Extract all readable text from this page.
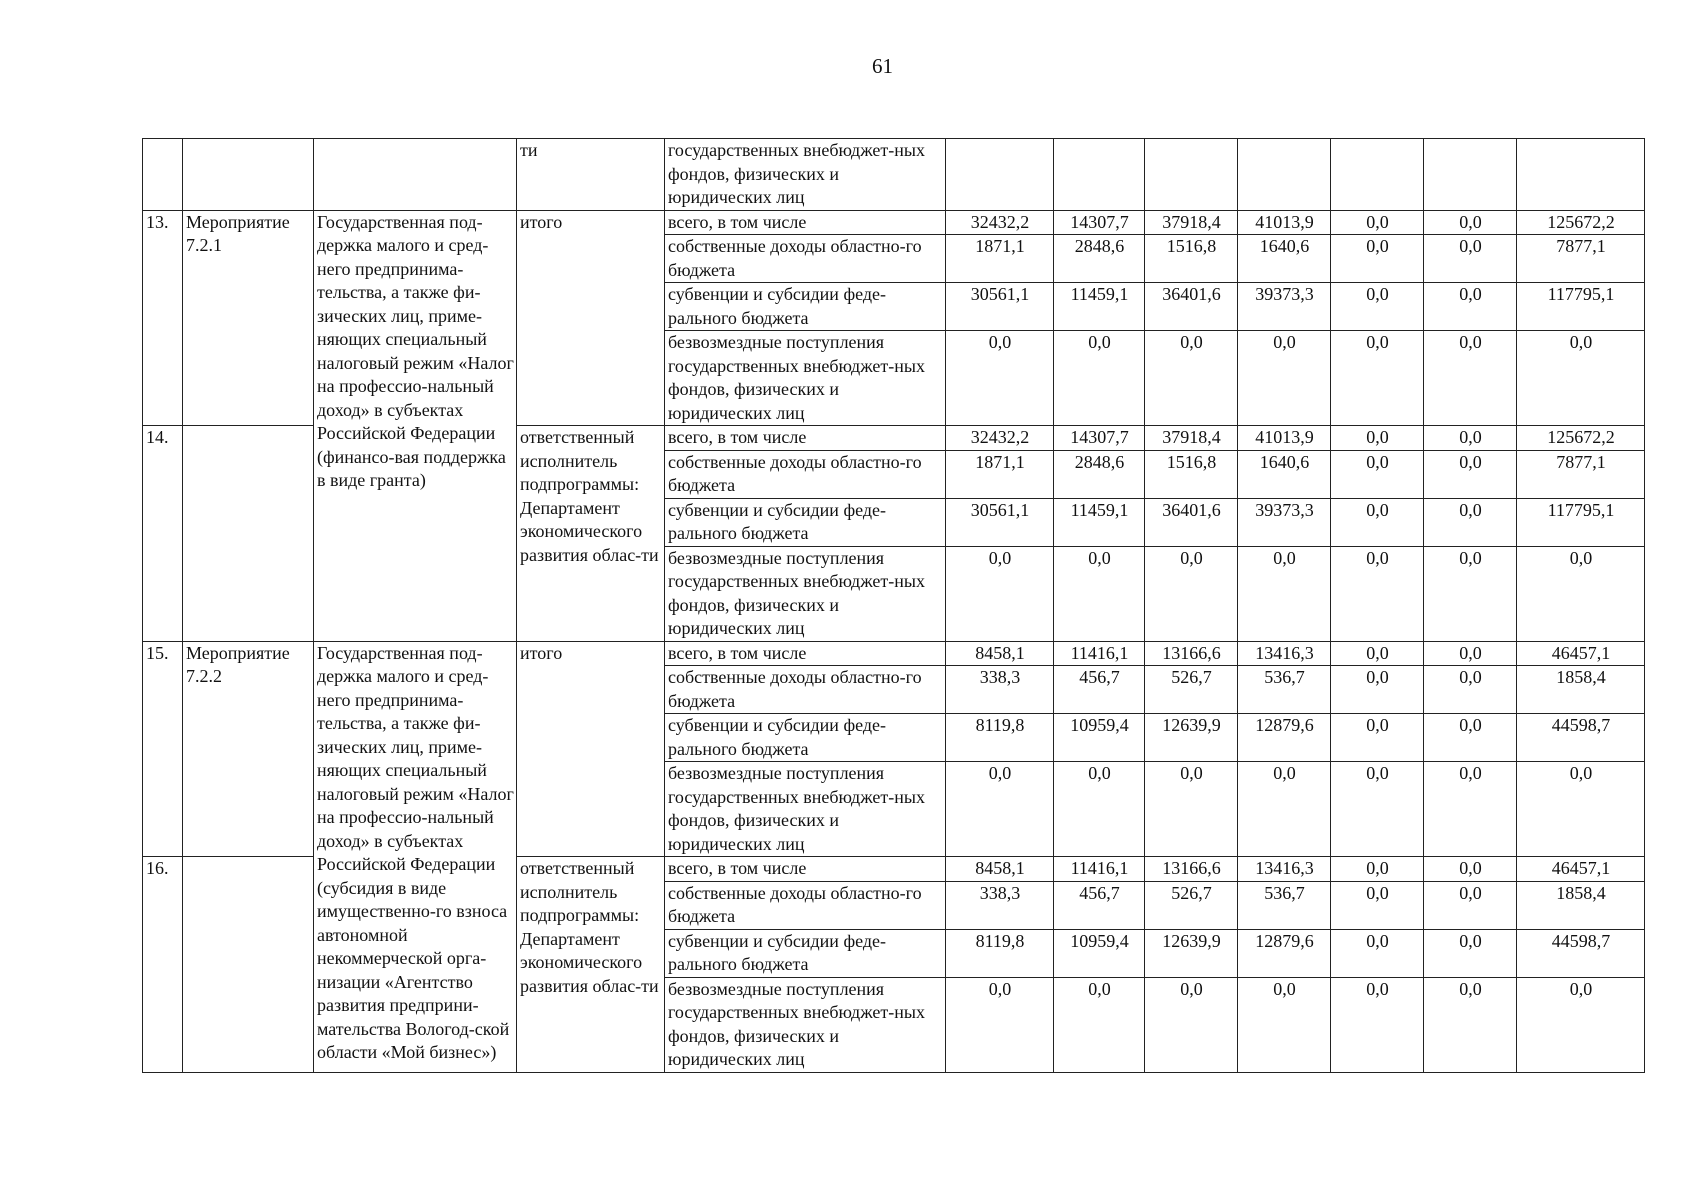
61
			ти	государственных внебюджет-ных фондов, физических и юридических лиц							
13.	Мероприятие 7.2.1	Государственная под-держка малого и сред-него предпринима-тельства, а также фи-зических лиц, приме-няющих специальный налоговый режим «Налог на профессио-нальный доход» в субъектах Российской Федерации (финансо-вая поддержка в виде гранта)	итого	всего, в том числе	32432,2	14307,7	37918,4	41013,9	0,0	0,0	125672,2
				собственные доходы областно-го бюджета	1871,1	2848,6	1516,8	1640,6	0,0	0,0	7877,1
				субвенции и субсидии феде-рального бюджета	30561,1	11459,1	36401,6	39373,3	0,0	0,0	117795,1
				безвозмездные поступления государственных внебюджет-ных фондов, физических и юридических лиц	0,0	0,0	0,0	0,0	0,0	0,0	0,0
14.			ответственный исполнитель подпрограммы: Департамент экономического развития облас-ти	всего, в том числе	32432,2	14307,7	37918,4	41013,9	0,0	0,0	125672,2
				собственные доходы областно-го бюджета	1871,1	2848,6	1516,8	1640,6	0,0	0,0	7877,1
				субвенции и субсидии феде-рального бюджета	30561,1	11459,1	36401,6	39373,3	0,0	0,0	117795,1
				безвозмездные поступления государственных внебюджет-ных фондов, физических и юридических лиц	0,0	0,0	0,0	0,0	0,0	0,0	0,0
15.	Мероприятие 7.2.2	Государственная под-держка малого и сред-него предпринима-тельства, а также фи-зических лиц, приме-няющих специальный налоговый режим «Налог на профессио-нальный доход» в субъектах Российской Федерации (субсидия в виде имущественно-го взноса автономной некоммерческой орга-низации «Агентство развития предприни-мательства Вологод-ской области «Мой бизнес»)	итого	всего, в том числе	8458,1	11416,1	13166,6	13416,3	0,0	0,0	46457,1
				собственные доходы областно-го бюджета	338,3	456,7	526,7	536,7	0,0	0,0	1858,4
				субвенции и субсидии феде-рального бюджета	8119,8	10959,4	12639,9	12879,6	0,0	0,0	44598,7
				безвозмездные поступления государственных внебюджет-ных фондов, физических и юридических лиц	0,0	0,0	0,0	0,0	0,0	0,0	0,0
16.			ответственный исполнитель подпрограммы: Департамент экономического развития облас-ти	всего, в том числе	8458,1	11416,1	13166,6	13416,3	0,0	0,0	46457,1
				собственные доходы областно-го бюджета	338,3	456,7	526,7	536,7	0,0	0,0	1858,4
				субвенции и субсидии феде-рального бюджета	8119,8	10959,4	12639,9	12879,6	0,0	0,0	44598,7
				безвозмездные поступления государственных внебюджет-ных фондов, физических и юридических лиц	0,0	0,0	0,0	0,0	0,0	0,0	0,0
